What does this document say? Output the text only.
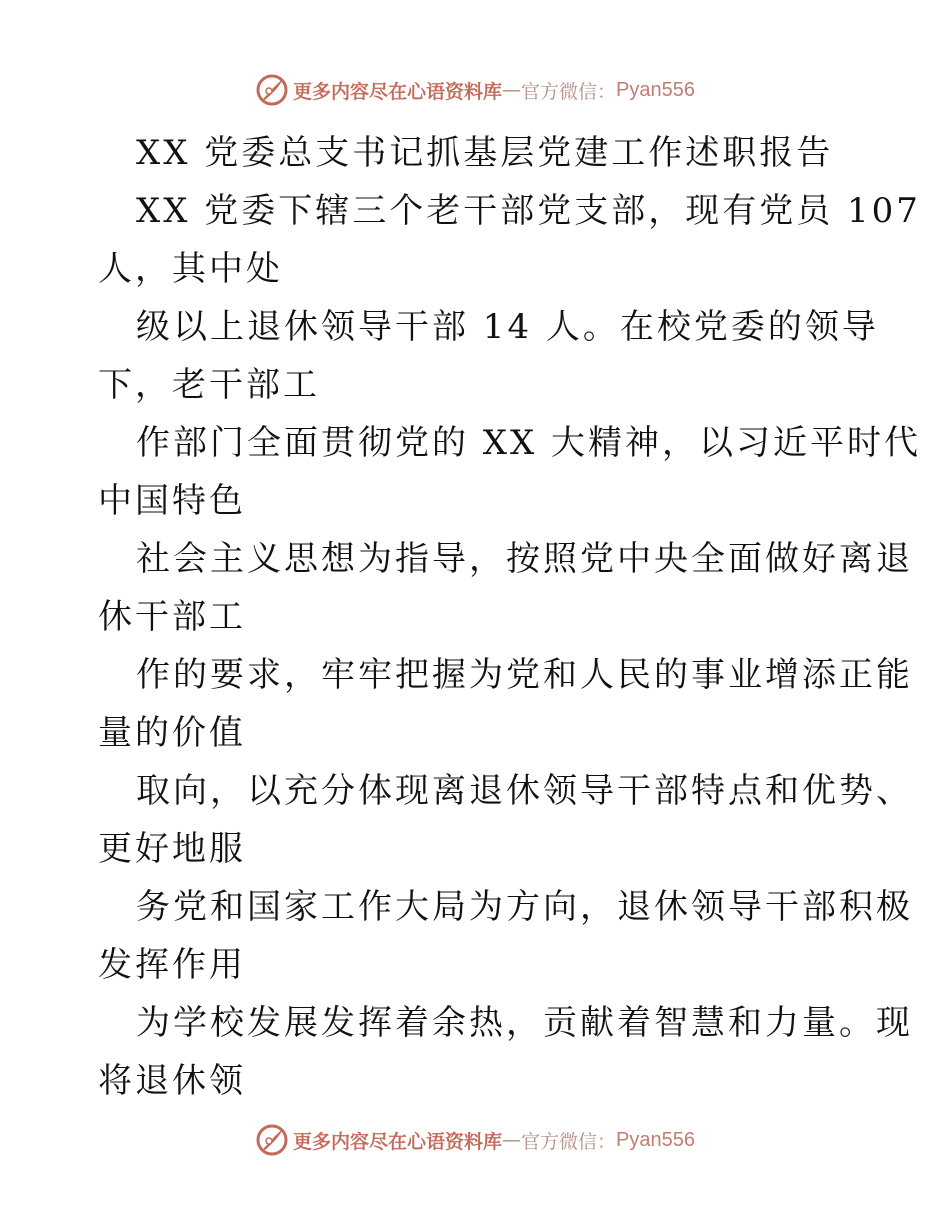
更多内容尽在心语资料库 — 官方微信： Pyan556
XX 党委总支书记抓基层党建工作述职报告
XX 党委下辖三个老干部党支部，现有党员 107
人，其中处
级以上退休领导干部 14 人。在校党委的领导
下，老干部工
作部门全面贯彻党的 XX 大精神，以习近平时代
中国特色
社会主义思想为指导，按照党中央全面做好离退
休干部工
作的要求，牢牢把握为党和人民的事业增添正能
量的价值
取向，以充分体现离退休领导干部特点和优势、
更好地服
务党和国家工作大局为方向，退休领导干部积极
发挥作用
为学校发展发挥着余热，贡献着智慧和力量。现
将退休领
更多内容尽在心语资料库 — 官方微信： Pyan556
